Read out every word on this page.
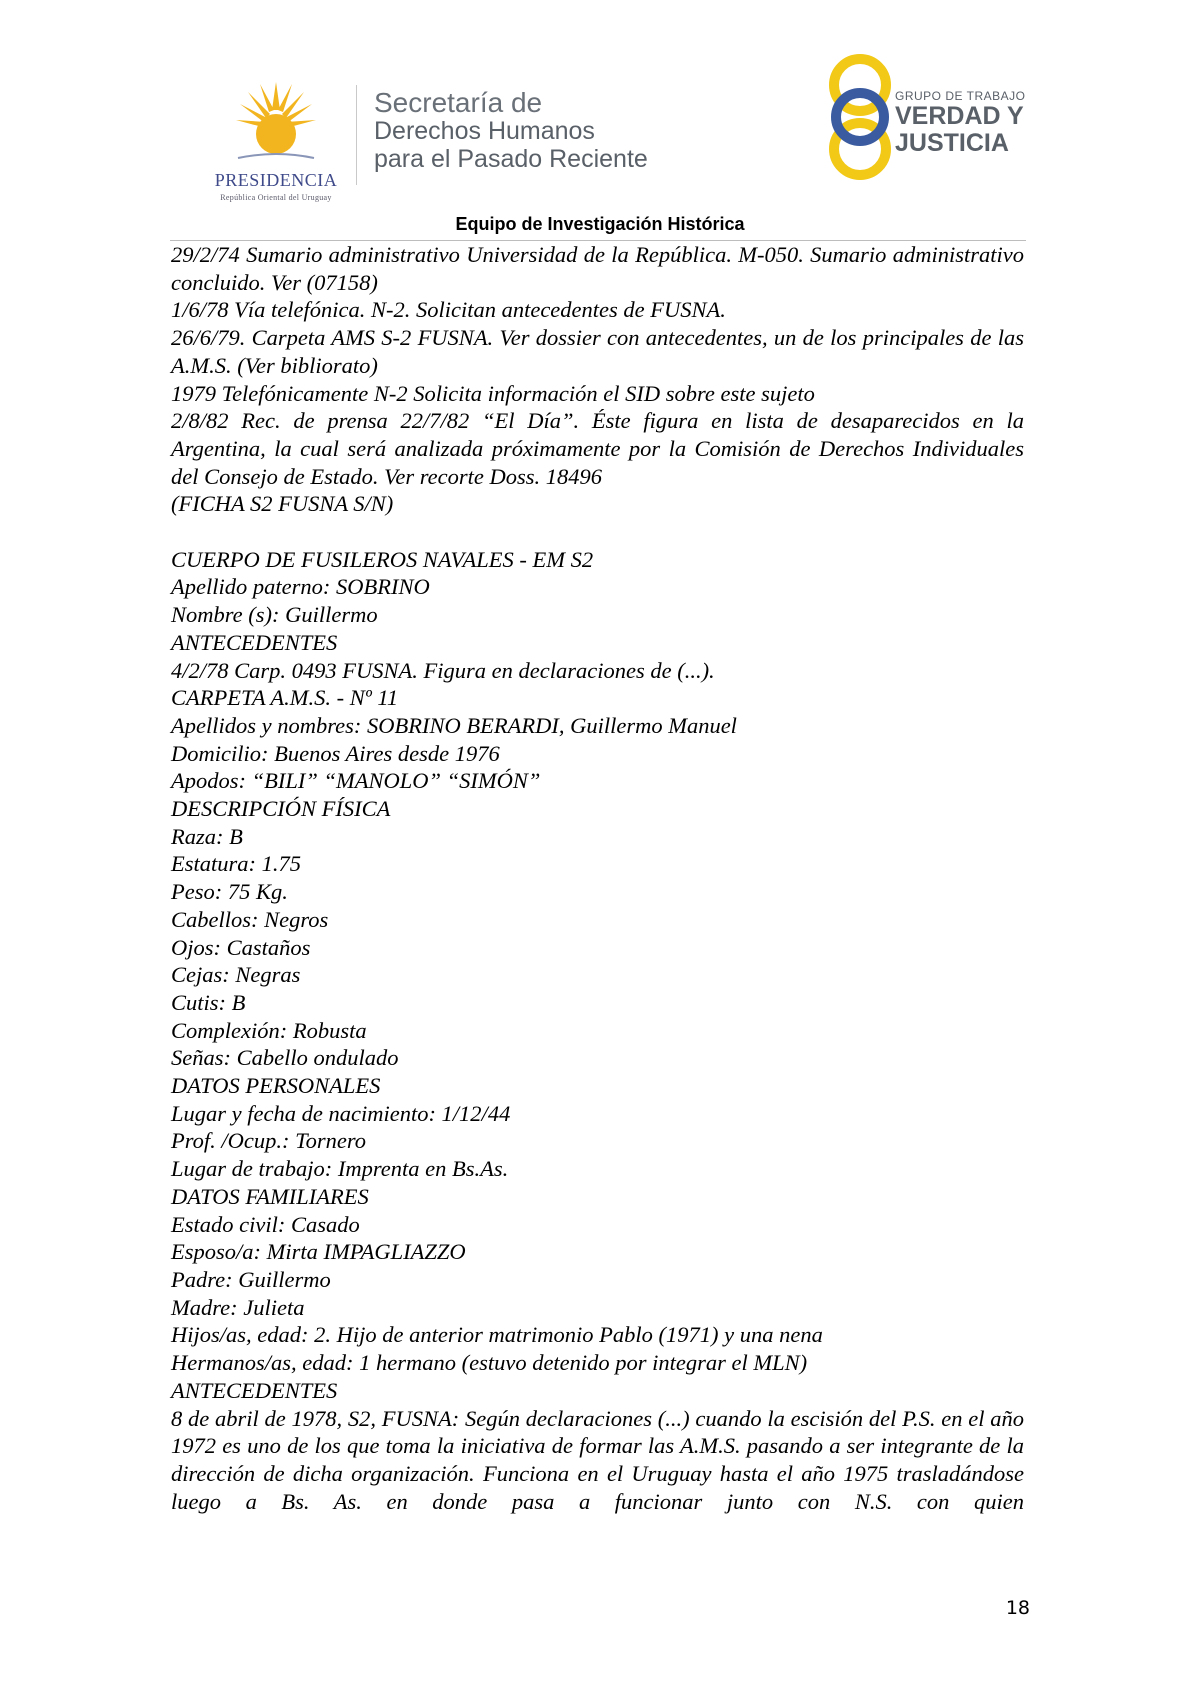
PRESIDENCIA
República Oriental del Uruguay
Secretaría de
Derechos Humanos
para el Pasado Reciente
GRUPO DE TRABAJO
VERDAD Y
JUSTICIA
Equipo de Investigación Histórica

29/2/74 Sumario administrativo Universidad de la República. M-050. Sumario administrativo concluido. Ver (07158)

1/6/78 Vía telefónica. N-2. Solicitan antecedentes de FUSNA.

26/6/79. Carpeta AMS S-2 FUSNA. Ver dossier con antecedentes, un de los principales de las A.M.S. (Ver biblioratо)

1979 Telefónicamente N-2 Solicita información el SID sobre este sujeto

2/8/82 Rec. de prensa 22/7/82 “El Día”. Éste figura en lista de desaparecidos en la Argentina, la cual será analizada próximamente por la Comisión de Derechos Individuales del Consejo de Estado. Ver recorte Doss. 18496

(FICHA S2 FUSNA S/N)

CUERPO DE FUSILEROS NAVALES - EM S2

Apellido paterno: SOBRINO

Nombre (s): Guillermo

ANTECEDENTES

4/2/78 Carp. 0493 FUSNA. Figura en declaraciones de (...).

CARPETA A.M.S. - Nº 11

Apellidos y nombres: SOBRINO BERARDI, Guillermo Manuel

Domicilio: Buenos Aires desde 1976

Apodos: “BILI” “MANOLO” “SIMÓN”

DESCRIPCIÓN FÍSICA

Raza: B

Estatura: 1.75

Peso: 75 Kg.

Cabellos: Negros

Ojos: Castaños

Cejas: Negras

Cutis: B

Complexión: Robusta

Señas: Cabello ondulado

DATOS PERSONALES

Lugar y fecha de nacimiento: 1/12/44

Prof. /Ocup.: Tornero

Lugar de trabajo: Imprenta en Bs.As.

DATOS FAMILIARES

Estado civil: Casado

Esposo/a: Mirta IMPAGLIAZZO

Padre: Guillermo

Madre: Julieta

Hijos/as, edad: 2. Hijo de anterior matrimonio Pablo (1971) y una nena

Hermanos/as, edad: 1 hermano (estuvo detenido por integrar el MLN)

ANTECEDENTES

8 de abril de 1978, S2, FUSNA: Según declaraciones (...) cuando la escisión del P.S. en el año 1972 es uno de los que toma la iniciativa de formar las A.M.S. pasando a ser integrante de la dirección de dicha organización. Funciona en el Uruguay hasta el año 1975 trasladándose luego a Bs. As. en donde pasa a funcionar junto con N.S. con quien

18
